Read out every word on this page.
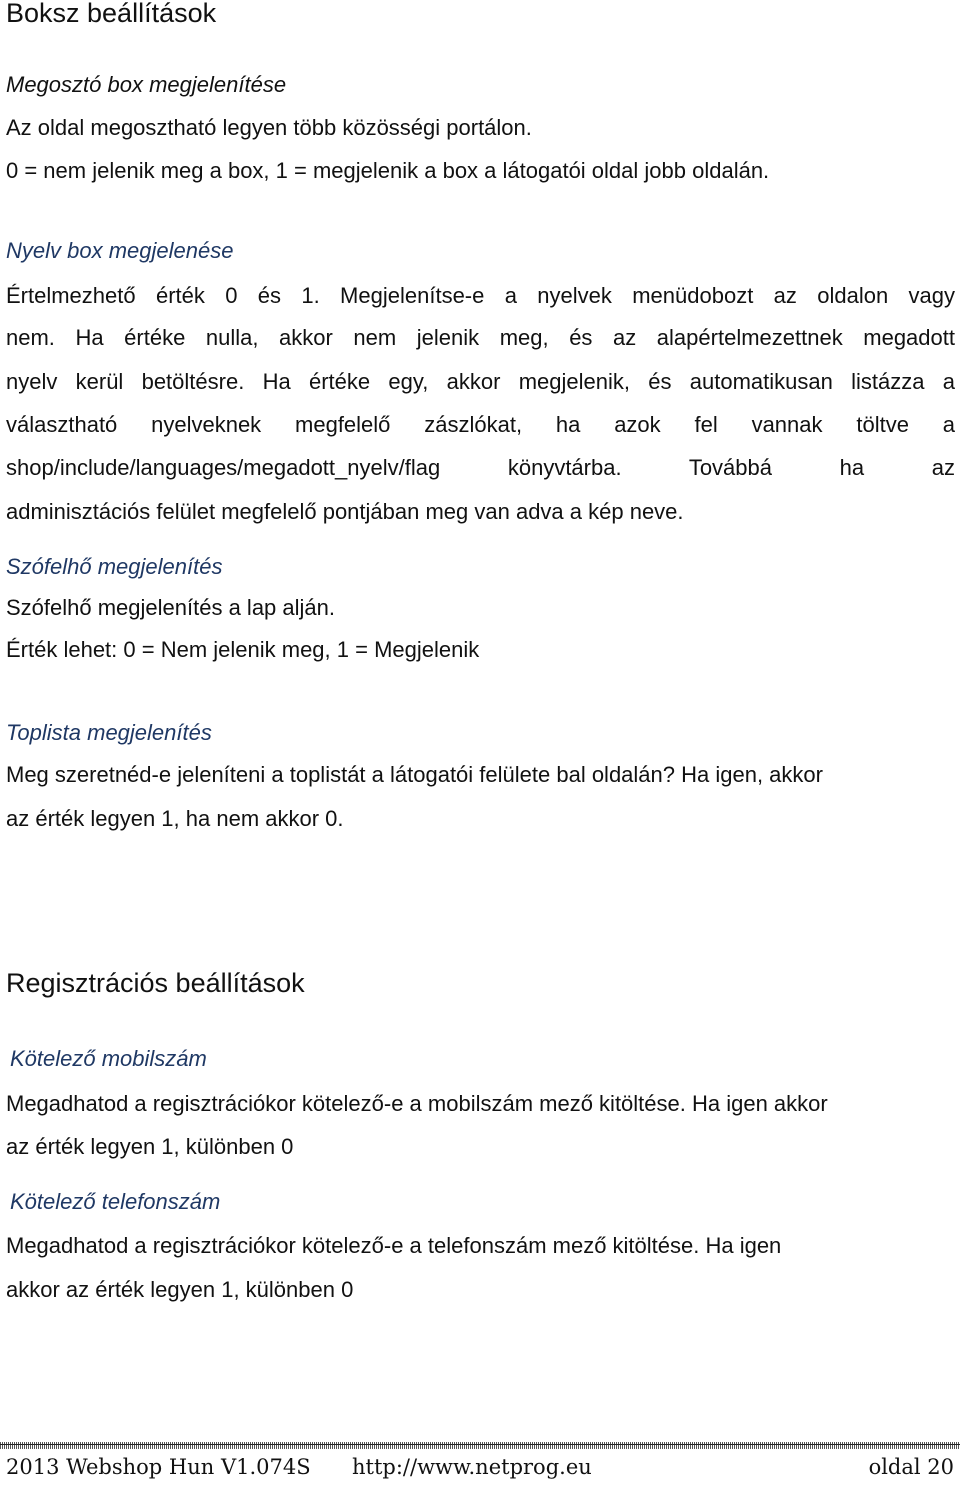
Boksz beállítások
Megosztó box megjelenítése
Az oldal megosztható legyen több közösségi portálon.
0 = nem jelenik meg a box, 1 = megjelenik a box a látogatói oldal jobb oldalán.
Nyelv box megjelenése
Értelmezhető érték 0 és 1. Megjelenítse-e a nyelvek menüdobozt az oldalon vagy
nem. Ha értéke nulla, akkor nem jelenik meg, és az alapértelmezettnek megadott
nyelv kerül betöltésre. Ha értéke egy, akkor megjelenik, és automatikusan listázza a
választható nyelveknek megfelelő zászlókat, ha azok fel vannak töltve a
shop/include/languages/megadott_nyelv/flag könyvtárba. Továbbá ha az
adminisztációs felület megfelelő pontjában meg van adva a kép neve.
Szófelhő megjelenítés
Szófelhő megjelenítés a lap alján.
Érték lehet: 0 = Nem jelenik meg, 1 = Megjelenik
Toplista megjelenítés
Meg szeretnéd-e jeleníteni a toplistát a látogatói felülete bal oldalán? Ha igen, akkor
az érték legyen 1, ha nem akkor 0.
Regisztrációs beállítások
Kötelező mobilszám
Megadhatod a regisztrációkor kötelező-e a mobilszám mező kitöltése. Ha igen akkor
az érték legyen 1, különben 0
Kötelező telefonszám
Megadhatod a regisztrációkor kötelező-e a telefonszám mező kitöltése. Ha igen
akkor az érték legyen 1, különben 0
2013 Webshop Hun V1.074S http://www.netprog.eu	oldal 20
